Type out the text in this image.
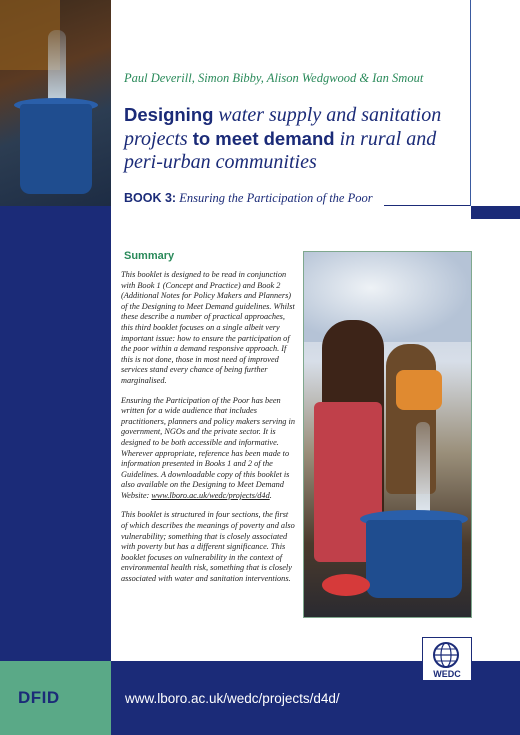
DFID	www.lboro.ac.uk/wedc/projects/d4d/
Paul Deverill, Simon Bibby, Alison Wedgwood & Ian Smout
Designing water supply and sanitation projects to meet demand in rural and peri-urban communities
BOOK 3: Ensuring the Participation of the Poor
Summary

This booklet is designed to be read in conjunction with Book 1 (Concept and Practice) and Book 2 (Additional Notes for Policy Makers and Planners) of the Designing to Meet Demand guidelines. Whilst these describe a number of practical approaches, this third booklet focuses on a single albeit very important issue: how to ensure the participation of the poor within a demand responsive approach. If this is not done, those in most need of improved services stand every chance of being further marginalised.

Ensuring the Participation of the Poor has been written for a wide audience that includes practitioners, planners and policy makers serving in government, NGOs and the private sector. It is designed to be both accessible and informative. Wherever appropriate, reference has been made to information presented in Books 1 and 2 of the Guidelines. A downloadable copy of this booklet is also available on the Designing to Meet Demand Website: www.lboro.ac.uk/wedc/projects/d4d.

This booklet is structured in four sections, the first of which describes the meanings of poverty and also vulnerability; something that is closely associated with poverty but has a different significance. This booklet focuses on vulnerability in the context of environmental health risk, something that is closely associated with water and sanitation interventions.

WEDC
